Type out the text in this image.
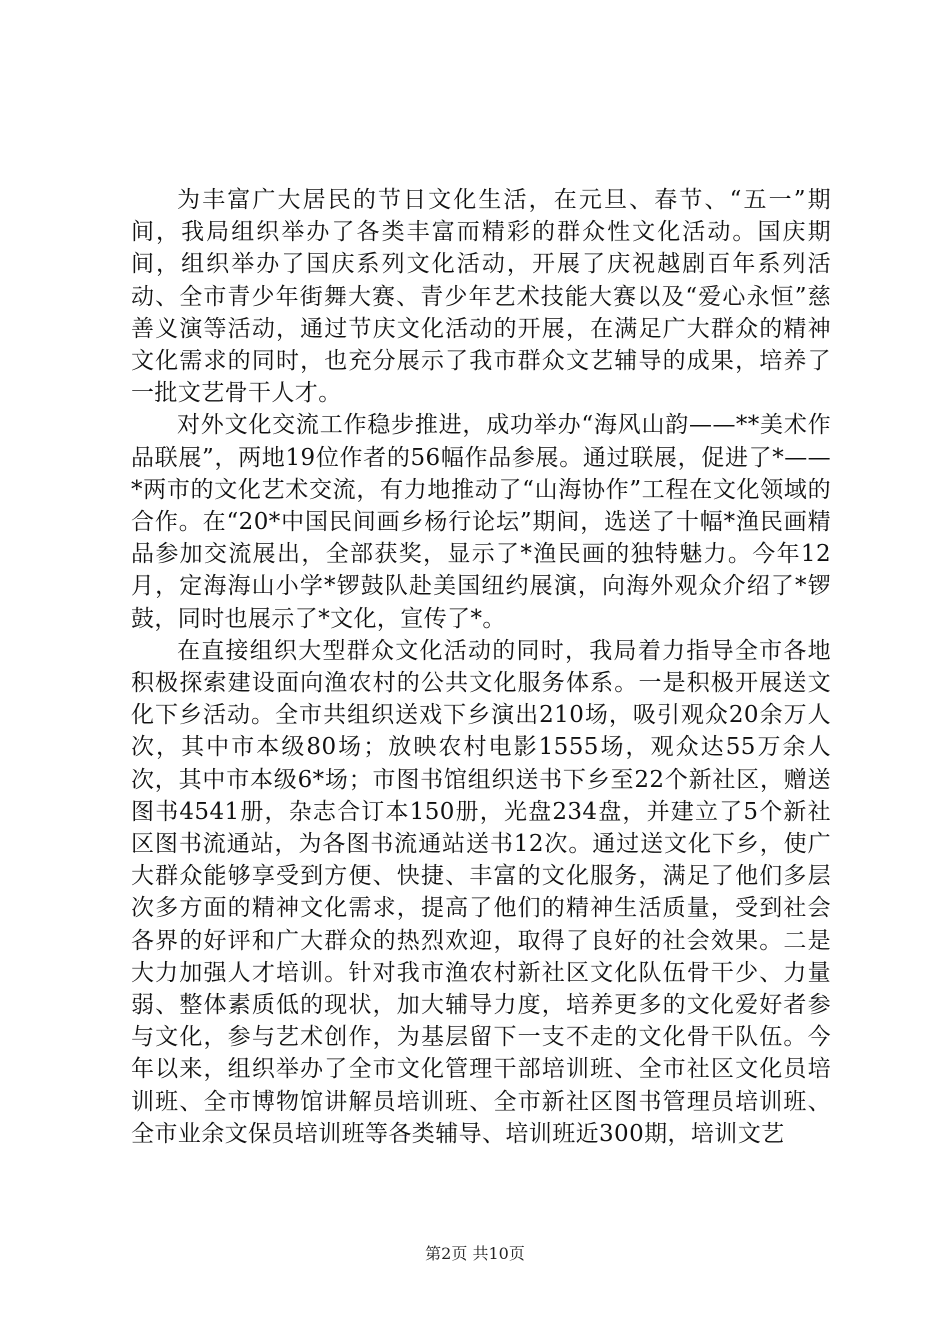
为丰富广大居民的节日文化生活，在元旦、春节、“五一”期间，我局组织举办了各类丰富而精彩的群众性文化活动。国庆期间，组织举办了国庆系列文化活动，开展了庆祝越剧百年系列活动、全市青少年街舞大赛、青少年艺术技能大赛以及“爱心永恒”慈善义演等活动，通过节庆文化活动的开展，在满足广大群众的精神文化需求的同时，也充分展示了我市群众文艺辅导的成果，培养了一批文艺骨干人才。

对外文化交流工作稳步推进，成功举办“海风山韵——**美术作品联展”，两地19位作者的56幅作品参展。通过联展，促进了*——*两市的文化艺术交流，有力地推动了“山海协作”工程在文化领域的合作。在“20*中国民间画乡杨行论坛”期间，选送了十幅*渔民画精品参加交流展出，全部获奖，显示了*渔民画的独特魅力。今年12月，定海海山小学*锣鼓队赴美国纽约展演，向海外观众介绍了*锣鼓，同时也展示了*文化，宣传了*。

在直接组织大型群众文化活动的同时，我局着力指导全市各地积极探索建设面向渔农村的公共文化服务体系。一是积极开展送文化下乡活动。全市共组织送戏下乡演出210场，吸引观众20余万人次，其中市本级80场；放映农村电影1555场，观众达55万余人次，其中市本级6*场；市图书馆组织送书下乡至22个新社区，赠送图书4541册，杂志合订本150册，光盘234盘，并建立了5个新社区图书流通站，为各图书流通站送书12次。通过送文化下乡，使广大群众能够享受到方便、快捷、丰富的文化服务，满足了他们多层次多方面的精神文化需求，提高了他们的精神生活质量，受到社会各界的好评和广大群众的热烈欢迎，取得了良好的社会效果。二是大力加强人才培训。针对我市渔农村新社区文化队伍骨干少、力量弱、整体素质低的现状，加大辅导力度，培养更多的文化爱好者参与文化，参与艺术创作，为基层留下一支不走的文化骨干队伍。今年以来，组织举办了全市文化管理干部培训班、全市社区文化员培训班、全市博物馆讲解员培训班、全市新社区图书管理员培训班、全市业余文保员培训班等各类辅导、培训班近300期，培训文艺

第2页 共10页
